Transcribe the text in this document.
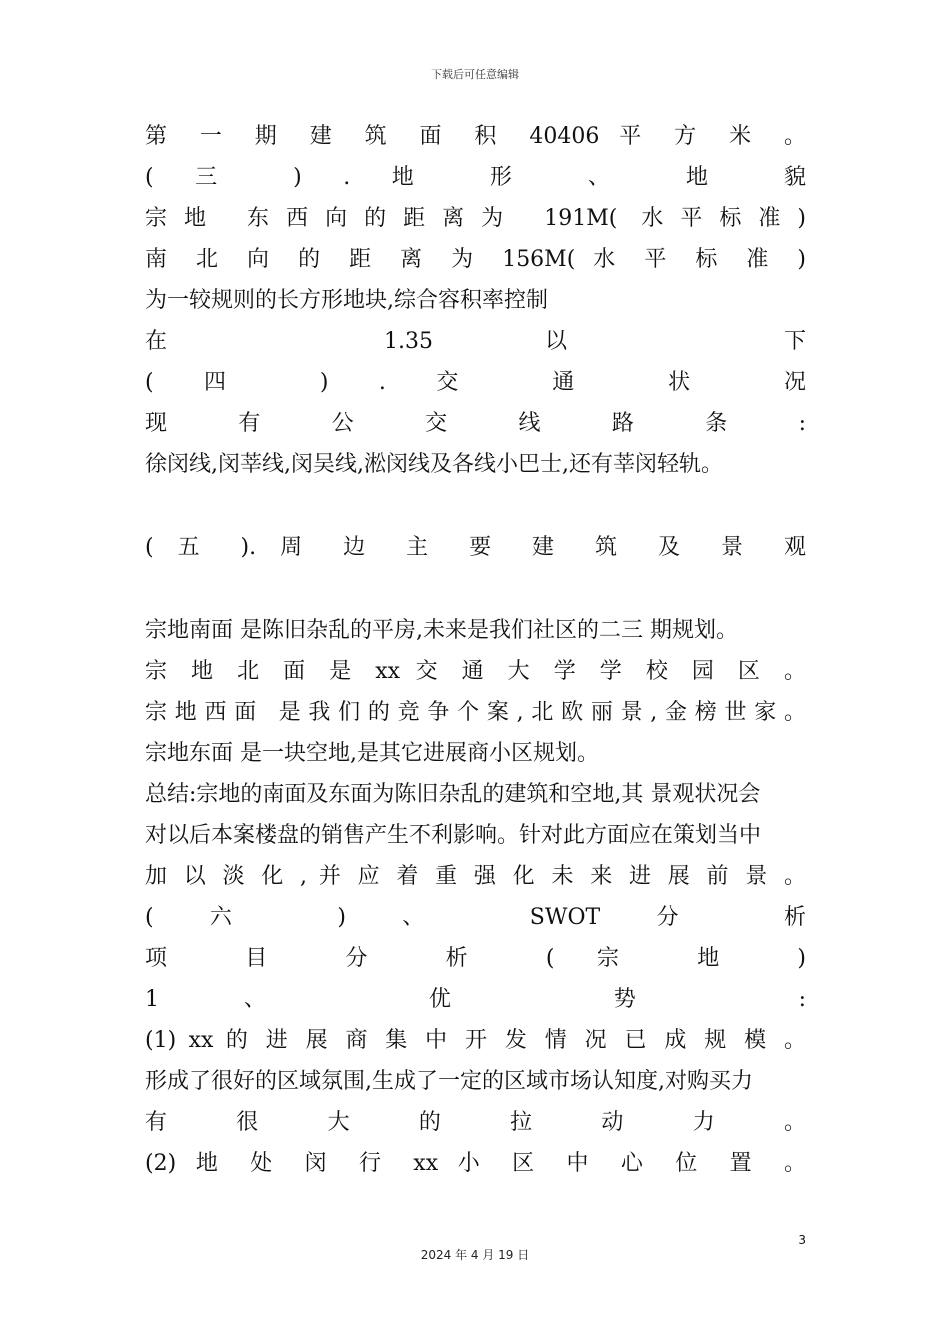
下载后可任意编辑
第 一 期 建 筑 面 积 40406 平 方 米 。
( 三 ) . 地 形 、 地 貌
宗地 东西向的距离为 191M( 水平标准)
南 北 向 的 距 离 为 156M( 水 平 标 准 )
为一较规则的长方形地块,综合容积率控制
在 1.35 以 下
( 四 ) . 交 通 状 况
现 有 公 交 线 路 条 :
徐闵线,闵莘线,闵吴线,淞闵线及各线小巴士,还有莘闵轻轨。
( 五 ). 周 边 主 要 建 筑 及 景 观
宗地南面 是陈旧杂乱的平房,未来是我们社区的二三 期规划。
宗 地 北 面 是 xx 交 通 大 学 学 校 园 区 。
宗地西面 是我们的竞争个案,北欧丽景,金榜世家。
宗地东面 是一块空地,是其它进展商小区规划。
总结:宗地的南面及东面为陈旧杂乱的建筑和空地,其 景观状况会
对以后本案楼盘的销售产生不利影响。针对此方面应在策划当中
加 以 淡 化 , 并 应 着 重 强 化 未 来 进 展 前 景 。
( 六 ) 、 SWOT 分 析
项 目 分 析 ( 宗 地 )
1 、 优 势 :
(1) xx 的 进 展 商 集 中 开 发 情 况 已 成 规 模 。
形成了很好的区域氛围,生成了一定的区域市场认知度,对购买力
有 很 大 的 拉 动 力 。
(2) 地 处 闵 行 xx 小 区 中 心 位 置 。
3
2024 年 4 月 19 日
